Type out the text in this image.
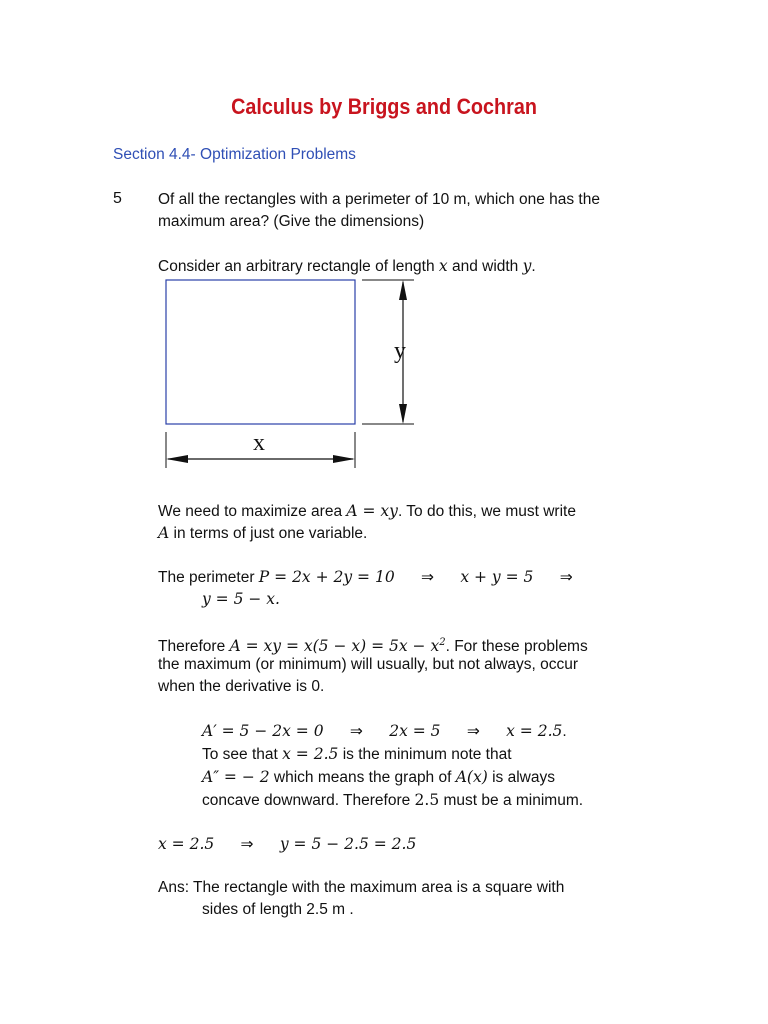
Calculus by Briggs and Cochran
Section 4.4- Optimization Problems
5 Of all the rectangles with a perimeter of 10 m, which one has the
maximum area? (Give the dimensions)
Consider an arbitrary rectangle of length x and width y.
x
y
We need to maximize area A = xy. To do this, we must write
A in terms of just one variable.
The perimeter P = 2x + 2y = 10 ⇒ x + y = 5 ⇒
y = 5 − x.
Therefore A = xy = $x(5 - x) = 5x - x^2$. For these problems
the maximum (or minimum) will usually, but not always, occur
when the derivative is 0.
A′ = 5 − 2x = 0 ⇒ 2x = 5 ⇒ x = 2.5.
To see that x = 2.5 is the minimum note that
A″ = − 2 which means the graph of A(x) is always
concave downward. Therefore 2.5 must be a minimum.
x = 2.5 ⇒ y = 5 − 2.5 = 2.5
Ans: The rectangle with the maximum area is a square with
sides of length 2.5 m .
